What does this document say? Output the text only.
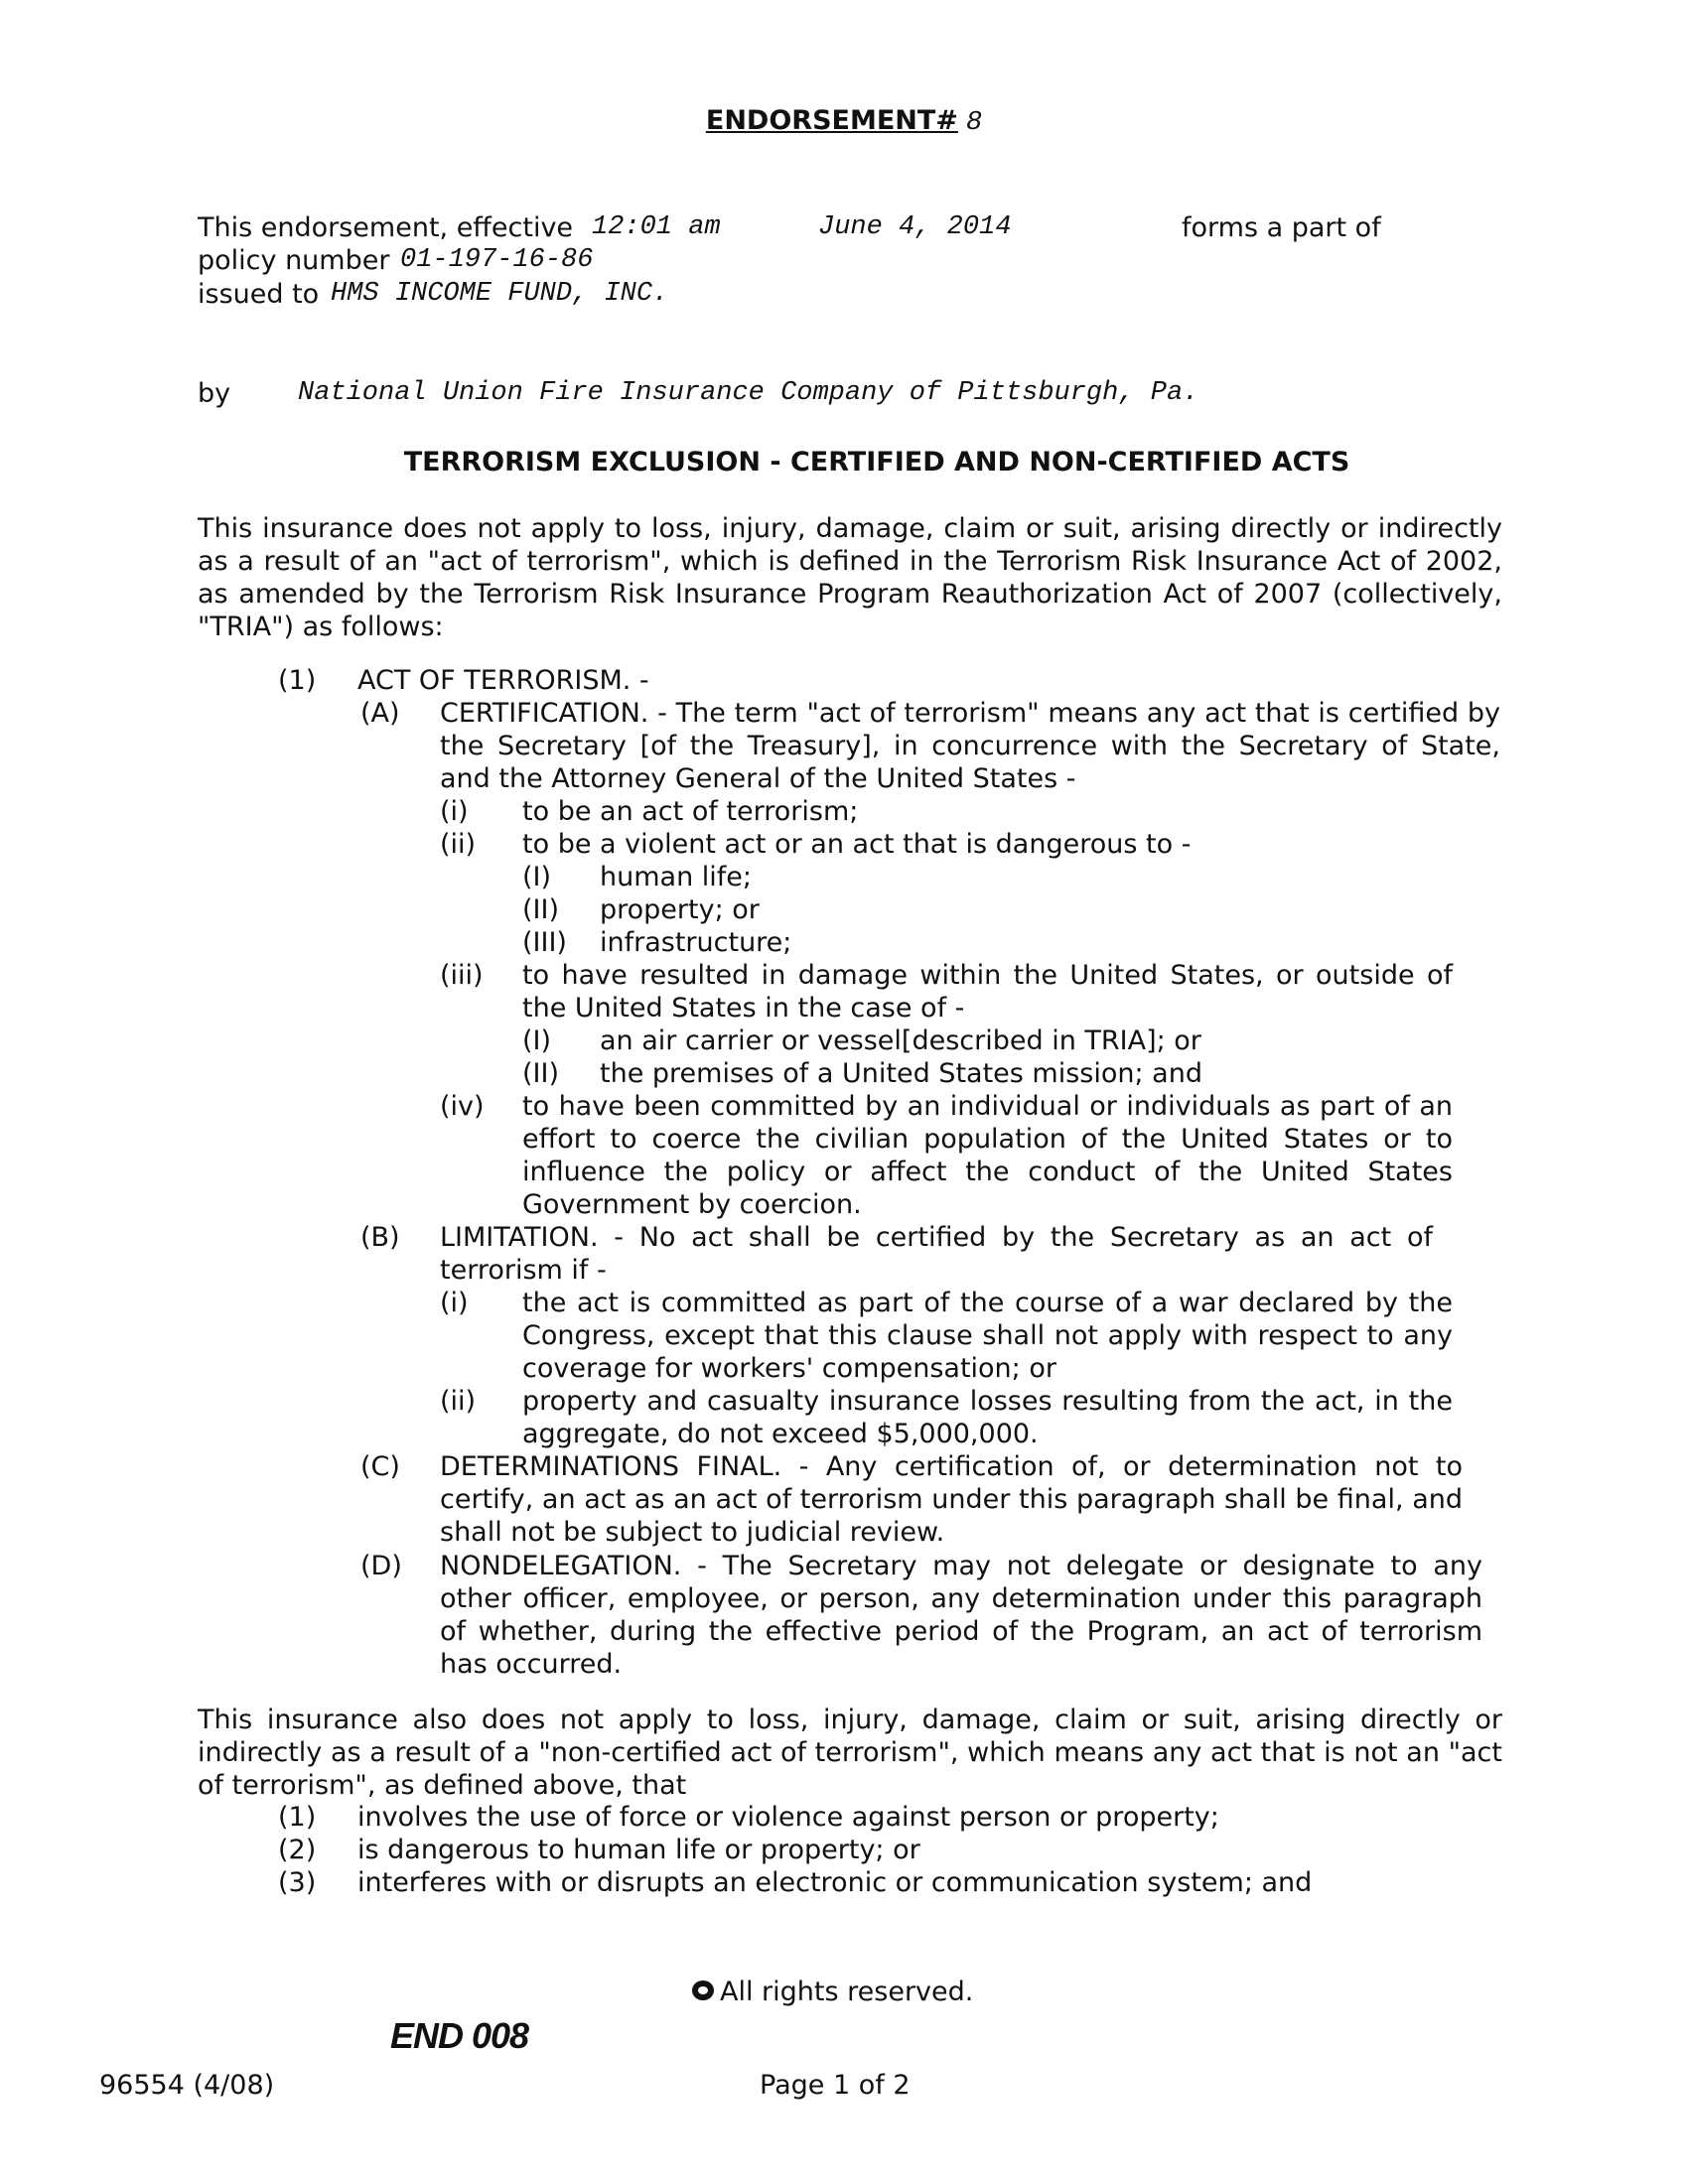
ENDORSEMENT# 8
This endorsement, effective 12:01 am	June 4, 2014	forms a part of
policy number 01-197-16-86
issued to HMS INCOME FUND, INC.
by	National Union Fire Insurance Company of Pittsburgh, Pa.
TERRORISM EXCLUSION - CERTIFIED AND NON-CERTIFIED ACTS
This insurance does not apply to loss, injury, damage, claim or suit, arising directly or indirectly as a result of an "act of terrorism", which is defined in the Terrorism Risk Insurance Act of 2002, as amended by the Terrorism Risk Insurance Program Reauthorization Act of 2007 (collectively, "TRIA") as follows:
(1) ACT OF TERRORISM. -
(A) CERTIFICATION. - The term "act of terrorism" means any act that is certified by the Secretary [of the Treasury], in concurrence with the Secretary of State, and the Attorney General of the United States -
(i) to be an act of terrorism;
(ii) to be a violent act or an act that is dangerous to -
(I) human life;
(II) property; or
(III) infrastructure;
(iii) to have resulted in damage within the United States, or outside of the United States in the case of -
(I) an air carrier or vessel[described in TRIA]; or
(II) the premises of a United States mission; and
(iv) to have been committed by an individual or individuals as part of an effort to coerce the civilian population of the United States or to influence the policy or affect the conduct of the United States Government by coercion.
(B) LIMITATION. - No act shall be certified by the Secretary as an act of terrorism if -
(i) the act is committed as part of the course of a war declared by the Congress, except that this clause shall not apply with respect to any coverage for workers' compensation; or
(ii) property and casualty insurance losses resulting from the act, in the aggregate, do not exceed $5,000,000.
(C) DETERMINATIONS FINAL. - Any certification of, or determination not to certify, an act as an act of terrorism under this paragraph shall be final, and shall not be subject to judicial review.
(D) NONDELEGATION. - The Secretary may not delegate or designate to any other officer, employee, or person, any determination under this paragraph of whether, during the effective period of the Program, an act of terrorism has occurred.
This insurance also does not apply to loss, injury, damage, claim or suit, arising directly or indirectly as a result of a "non-certified act of terrorism", which means any act that is not an "act of terrorism", as defined above, that
(1) involves the use of force or violence against person or property;
(2) is dangerous to human life or property; or
(3) interferes with or disrupts an electronic or communication system; and
All rights reserved.
END 008
96554 (4/08)	Page 1 of 2
